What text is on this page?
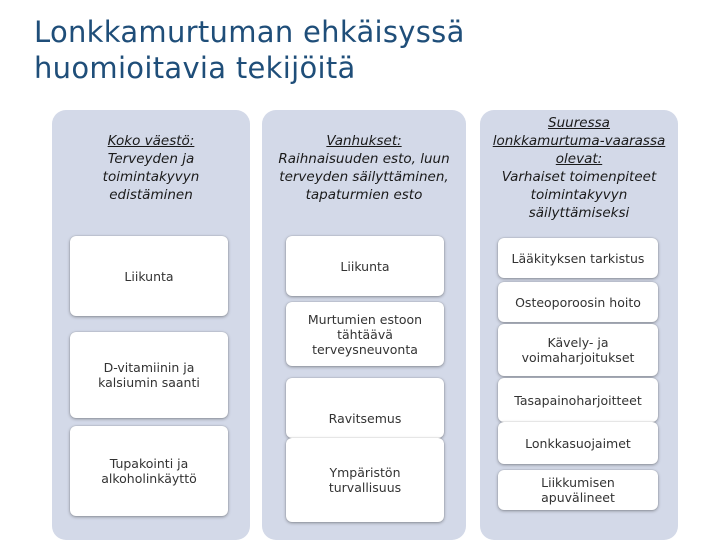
Lonkkamurtuman ehkäisyssä
huomioitavia tekijöitä
Koko väestö:
Terveyden ja
toimintakyvyn
edistäminen
Liikunta
D-vitamiinin ja kalsiumin saanti
Tupakointi ja alkoholinkäyttö
Vanhukset:
Raihnaisuuden esto, luun
terveyden säilyttäminen,
tapaturmien esto
Liikunta
Murtumien estoon tähtäävä terveysneuvonta
Ravitsemus
Ympäristön turvallisuus
Suuressa lonkkamurtuma-vaarassa olevat:
Varhaiset toimenpiteet
toimintakyvyn
säilyttämiseksi
Lääkityksen tarkistus
Osteoporoosin hoito
Kävely- ja voimaharjoitukset
Tasapainoharjoitteet
Lonkkasuojaimet
Liikkumisen apuvälineet
